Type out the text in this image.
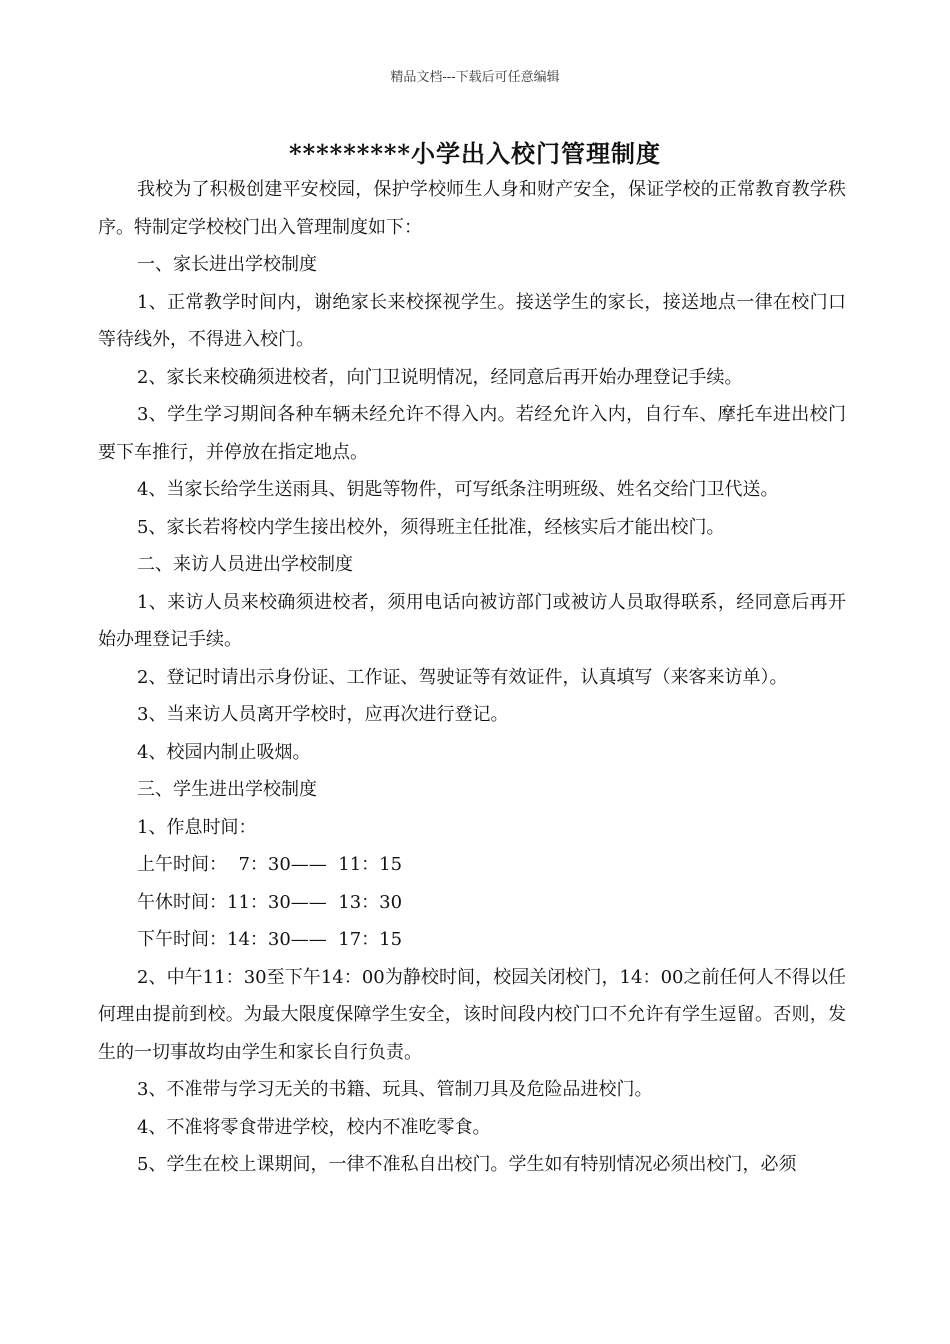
精品文档---下载后可任意编辑
*********小学出入校门管理制度

我校为了积极创建平安校园，保护学校师生人身和财产安全，保证学校的正常教育教学秩序。特制定学校校门出入管理制度如下：

一、家长进出学校制度

1、正常教学时间内，谢绝家长来校探视学生。接送学生的家长，接送地点一律在校门口等待线外，不得进入校门。

2、家长来校确须进校者，向门卫说明情况，经同意后再开始办理登记手续。

3、学生学习期间各种车辆未经允许不得入内。若经允许入内，自行车、摩托车进出校门要下车推行，并停放在指定地点。

4、当家长给学生送雨具、钥匙等物件，可写纸条注明班级、姓名交给门卫代送。

5、家长若将校内学生接出校外，须得班主任批准，经核实后才能出校门。

二、来访人员进出学校制度

1、来访人员来校确须进校者，须用电话向被访部门或被访人员取得联系，经同意后再开始办理登记手续。

2、登记时请出示身份证、工作证、驾驶证等有效证件，认真填写（来客来访单）。

3、当来访人员离开学校时，应再次进行登记。

4、校园内制止吸烟。

三、学生进出学校制度

1、作息时间：

上午时间：  7：30——  11：15

午休时间：11：30——  13：30

下午时间：14：30——  17：15

2、中午11：30至下午14：00为静校时间，校园关闭校门，14：00之前任何人不得以任何理由提前到校。为最大限度保障学生安全，该时间段内校门口不允许有学生逗留。否则，发生的一切事故均由学生和家长自行负责。

3、不准带与学习无关的书籍、玩具、管制刀具及危险品进校门。

4、不准将零食带进学校，校内不准吃零食。

5、学生在校上课期间，一律不准私自出校门。学生如有特别情况必须出校门，必须
